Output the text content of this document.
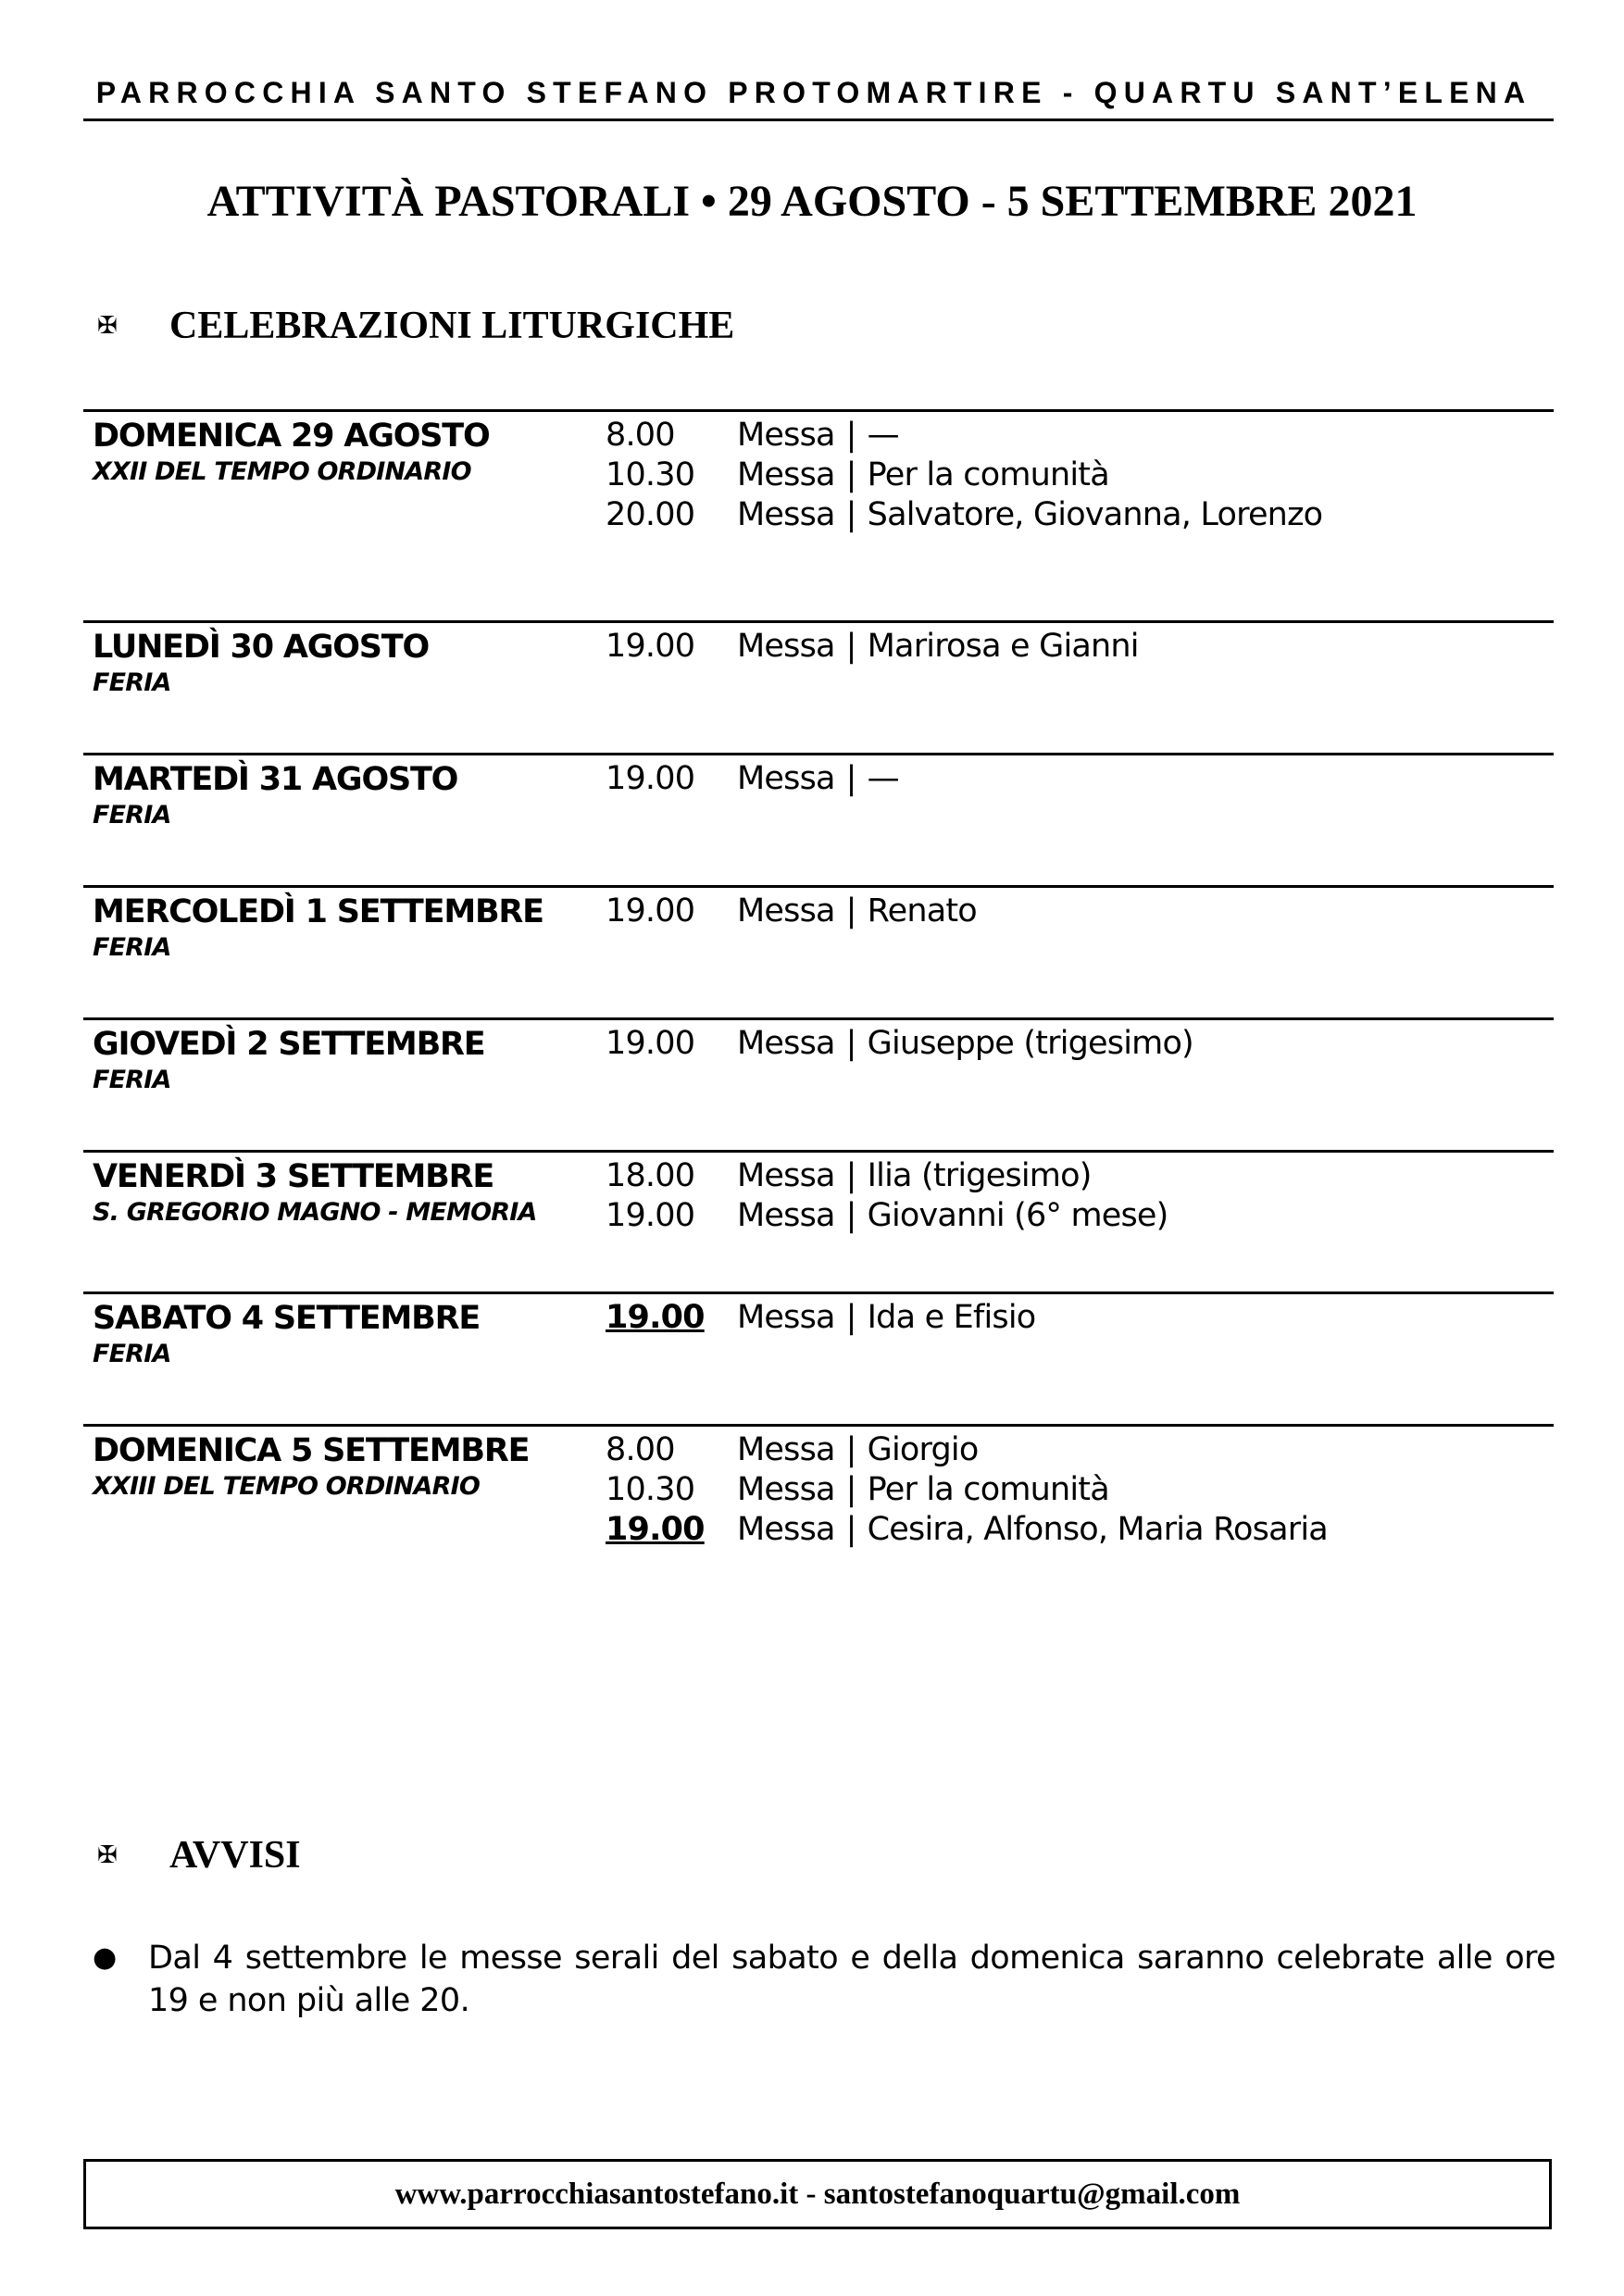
PARROCCHIA SANTO STEFANO PROTOMARTIRE - QUARTU SANT’ELENA
ATTIVITÀ PASTORALI • 29 AGOSTO - 5 SETTEMBRE 2021
✠ CELEBRAZIONI LITURGICHE
DOMENICA 29 AGOSTO
XXII DEL TEMPO ORDINARIO
8.00	Messa | —
10.30	Messa | Per la comunità
20.00	Messa | Salvatore, Giovanna, Lorenzo
LUNEDÌ 30 AGOSTO
FERIA
19.00	Messa | Marirosa e Gianni
MARTEDÌ 31 AGOSTO
FERIA
19.00	Messa | —
MERCOLEDÌ 1 SETTEMBRE
FERIA
19.00	Messa | Renato
GIOVEDÌ 2 SETTEMBRE
FERIA
19.00	Messa | Giuseppe (trigesimo)
VENERDÌ 3 SETTEMBRE
S. GREGORIO MAGNO - MEMORIA
18.00	Messa | Ilia (trigesimo)
19.00	Messa | Giovanni (6° mese)
SABATO 4 SETTEMBRE
FERIA
19.00	Messa | Ida e Efisio
DOMENICA 5 SETTEMBRE
XXIII DEL TEMPO ORDINARIO
8.00	Messa | Giorgio
10.30	Messa | Per la comunità
19.00	Messa | Cesira, Alfonso, Maria Rosaria
✠ AVVISI
● Dal 4 settembre le messe serali del sabato e della domenica saranno celebrate alle ore 19 e non più alle 20.
www.parrocchiasantostefano.it - santostefanoquartu@gmail.com
